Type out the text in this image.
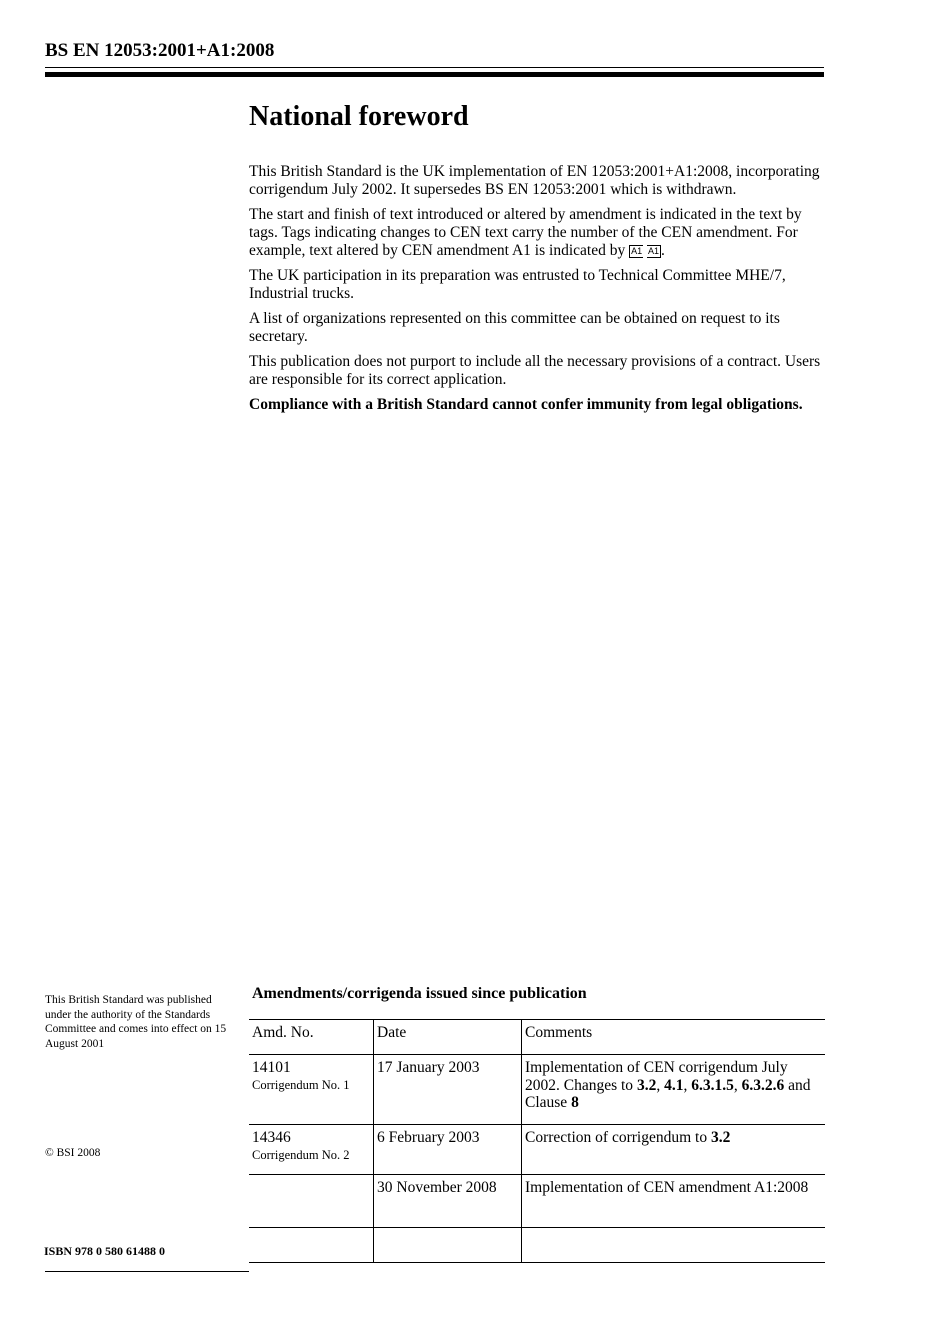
BS EN 12053:2001+A1:2008
National foreword

This British Standard is the UK implementation of EN 12053:2001+A1:2008, incorporating corrigendum July 2002. It supersedes BS EN 12053:2001 which is withdrawn.

The start and finish of text introduced or altered by amendment is indicated in the text by tags. Tags indicating changes to CEN text carry the number of the CEN amendment. For example, text altered by CEN amendment A1 is indicated by A1 A1 .

The UK participation in its preparation was entrusted to Technical Committee MHE/7, Industrial trucks.

A list of organizations represented on this committee can be obtained on request to its secretary.

This publication does not purport to include all the necessary provisions of a contract. Users are responsible for its correct application.

Compliance with a British Standard cannot confer immunity from legal obligations.

This British Standard was published under the authority of the Standards Committee and comes into effect on 15 August 2001
© BSI 2008
ISBN 978 0 580 61488 0
Amendments/corrigenda issued since publication
Amd. No.	Date	Comments

14101
Corrigendum No. 1	17 January 2003	Implementation of CEN corrigendum July 2002. Changes to 3.2, 4.1, 6.3.1.5, 6.3.2.6 and Clause 8

14346
Corrigendum No. 2	6 February 2003	Correction of corrigendum to 3.2
	30 November 2008	Implementation of CEN amendment A1:2008
